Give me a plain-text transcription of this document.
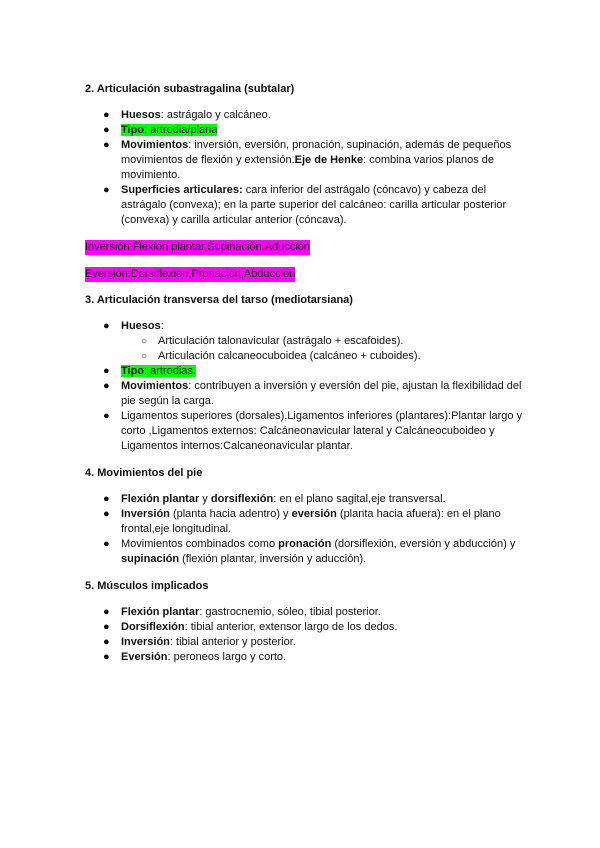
2. Articulación subastragalina (subtalar)
● Huesos: astrágalo y calcáneo.
● Tipo: artrodia/plana
● Movimientos: inversión, eversión, pronación, supinación, además de pequeños movimientos de flexión y extensión.Eje de Henke: combina varios planos de movimiento.
● Superficies articulares: cara inferior del astrágalo (cóncavo) y cabeza del astrágalo (convexa); en la parte superior del calcáneo: carilla articular posterior (convexa) y carilla articular anterior (cóncava).
Inversión:Flexión plantar,Supinación,Aducción
Eversión:Dorsiflexión,Pronación,Abducción
3. Articulación transversa del tarso (mediotarsiana)
● Huesos:
○ Articulación talonavicular (astrágalo + escafoides).
○ Articulación calcaneocuboidea (calcáneo + cuboides).
● Tipo: artrodias.
● Movimientos: contribuyen a inversión y eversión del pie, ajustan la flexibilidad del pie según la carga.
● Ligamentos superiores (dorsales),Ligamentos inferiores (plantares):Plantar largo y corto ,Ligamentos externos: Calcáneonavicular lateral y Calcáneocuboideo y Ligamentos internos:Calcaneonavicular plantar.
4. Movimientos del pie
● Flexión plantar y dorsiflexión: en el plano sagital,eje transversal.
● Inversión (planta hacia adentro) y eversión (planta hacia afuera): en el plano frontal,eje longitudinal.
● Movimientos combinados como pronación (dorsiflexión, eversión y abducción) y supinación (flexión plantar, inversión y aducción).
5. Músculos implicados
● Flexión plantar: gastrocnemio, sóleo, tibial posterior.
● Dorsiflexión: tibial anterior, extensor largo de los dedos.
● Inversión: tibial anterior y posterior.
● Eversión: peroneos largo y corto.
